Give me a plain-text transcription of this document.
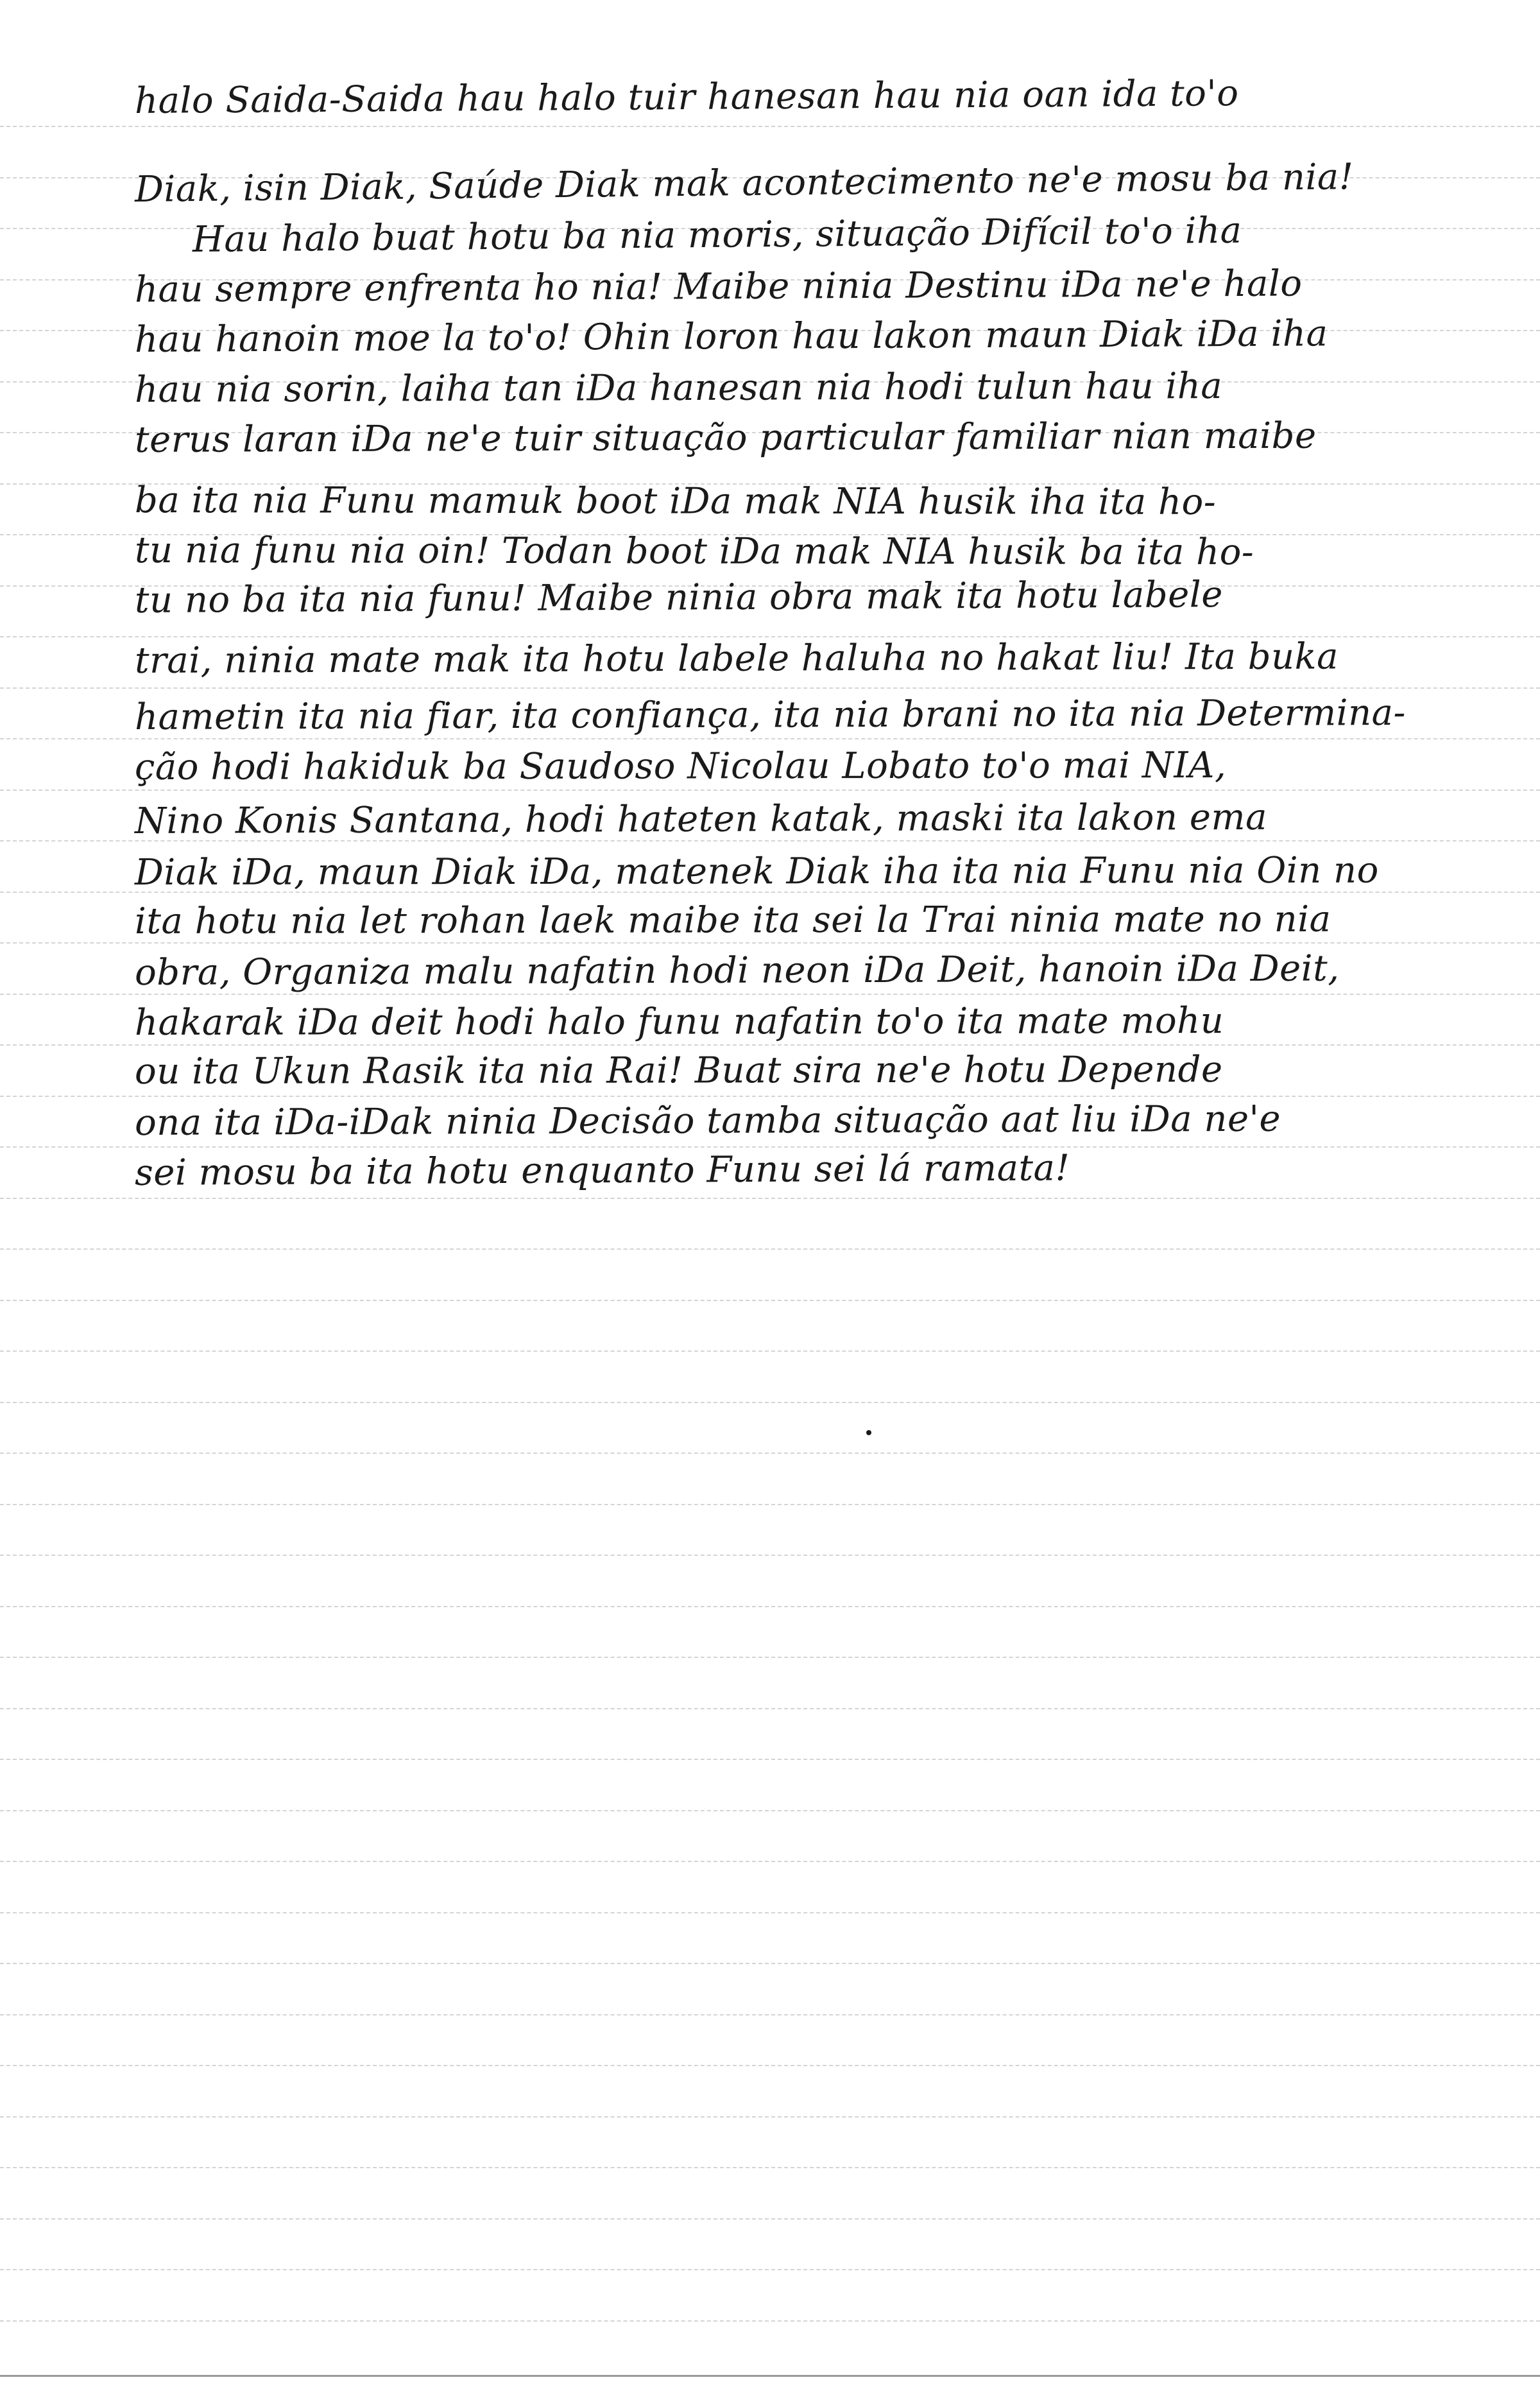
halo Saida-Saida hau halo tuir hanesan hau nia oan ida to'o
Diak, isin Diak, Saúde Diak mak acontecimento ne'e mosu ba nia!
Hau halo buat hotu ba nia moris, situação Difícil to'o iha
hau sempre enfrenta ho nia! Maibe ninia Destinu iDa ne'e halo
hau hanoin moe la to'o! Ohin loron hau lakon maun Diak iDa iha
hau nia sorin, laiha tan iDa hanesan nia hodi tulun hau iha
terus laran iDa ne'e tuir situação particular familiar nian maibe
ba ita nia Funu mamuk boot iDa mak NIA husik iha ita ho-
tu nia funu nia oin! Todan boot iDa mak NIA husik ba ita ho-
tu no ba ita nia funu! Maibe ninia obra mak ita hotu labele
trai, ninia mate mak ita hotu labele haluha no hakat liu! Ita buka
hametin ita nia fiar, ita confiança, ita nia brani no ita nia Determina-
ção hodi hakiduk ba Saudoso Nicolau Lobato to'o mai NIA,
Nino Konis Santana, hodi hateten katak, maski ita lakon ema
Diak iDa, maun Diak iDa, matenek Diak iha ita nia Funu nia Oin no
ita hotu nia let rohan laek maibe ita sei la Trai ninia mate no nia
obra, Organiza malu nafatin hodi neon iDa Deit, hanoin iDa Deit,
hakarak iDa deit hodi halo funu nafatin to'o ita mate mohu
ou ita Ukun Rasik ita nia Rai! Buat sira ne'e hotu Depende
ona ita iDa-iDak ninia Decisão tamba situação aat liu iDa ne'e
sei mosu ba ita hotu enquanto Funu sei lá ramata!
